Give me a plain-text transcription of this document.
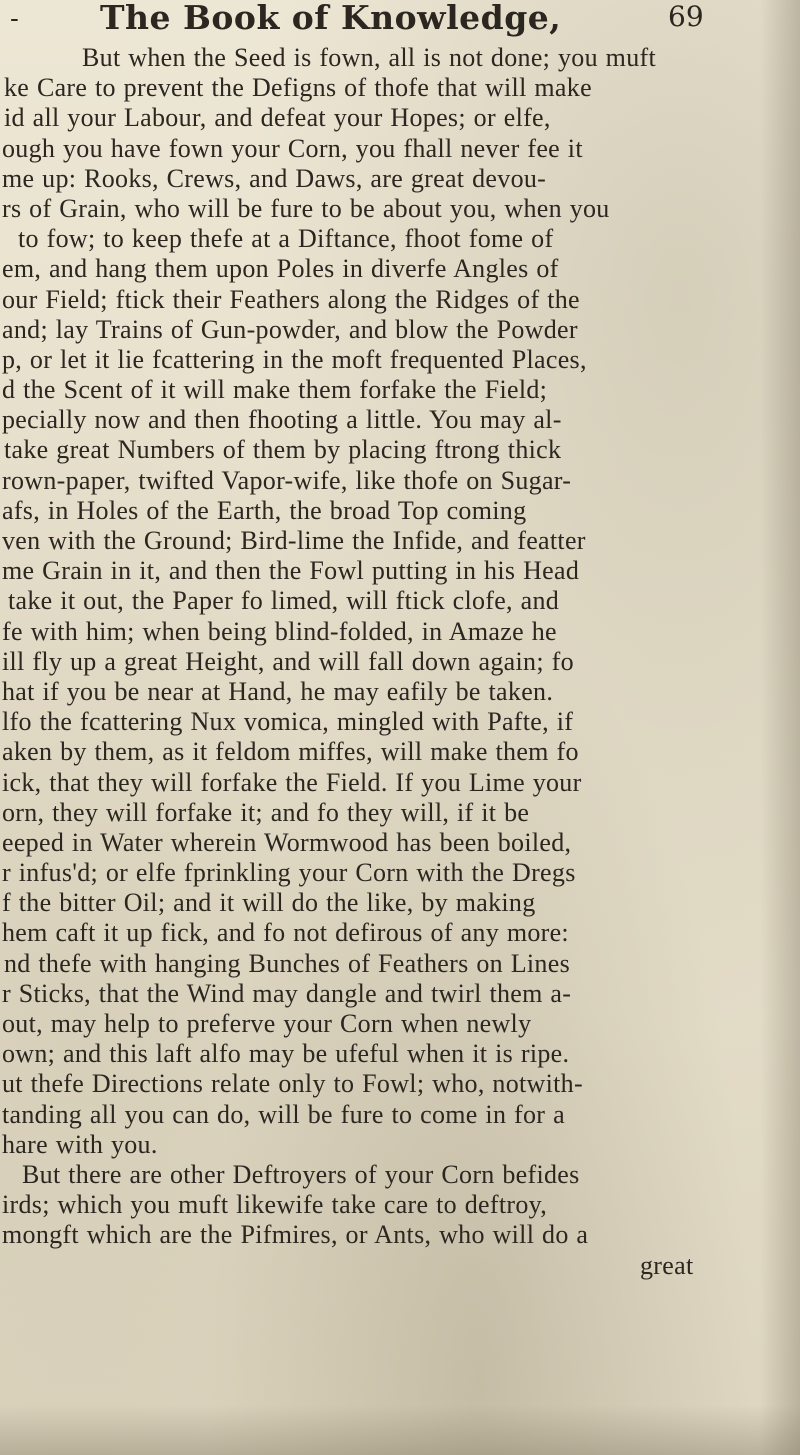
- The Book of Knowledge,	69
But when the Seed is fown, all is not done; you muft
ke Care to prevent the Defigns of thofe that will make
id all your Labour, and defeat your Hopes; or elfe,
ough you have fown your Corn, you fhall never fee it
me up: Rooks, Crews, and Daws, are great devou-
rs of Grain, who will be fure to be about you, when you
to fow; to keep thefe at a Diftance, fhoot fome of
em, and hang them upon Poles in diverfe Angles of
our Field; ftick their Feathers along the Ridges of the
and; lay Trains of Gun-powder, and blow the Powder
p, or let it lie fcattering in the moft frequented Places,
d the Scent of it will make them forfake the Field;
pecially now and then fhooting a little. You may al-
take great Numbers of them by placing ftrong thick
rown-paper, twifted Vapor-wife, like thofe on Sugar-
afs, in Holes of the Earth, the broad Top coming
ven with the Ground; Bird-lime the Infide, and featter
me Grain in it, and then the Fowl putting in his Head
take it out, the Paper fo limed, will ftick clofe, and
fe with him; when being blind-folded, in Amaze he
ill fly up a great Height, and will fall down again; fo
hat if you be near at Hand, he may eafily be taken.
lfo the fcattering Nux vomica, mingled with Pafte, if
aken by them, as it feldom miffes, will make them fo
ick, that they will forfake the Field. If you Lime your
orn, they will forfake it; and fo they will, if it be
eeped in Water wherein Wormwood has been boiled,
r infus'd; or elfe fprinkling your Corn with the Dregs
f the bitter Oil; and it will do the like, by making
hem caft it up fick, and fo not defirous of any more:
nd thefe with hanging Bunches of Feathers on Lines
r Sticks, that the Wind may dangle and twirl them a-
out, may help to preferve your Corn when newly
own; and this laft alfo may be ufeful when it is ripe.
ut thefe Directions relate only to Fowl; who, notwith-
tanding all you can do, will be fure to come in for a
hare with you.
But there are other Deftroyers of your Corn befides
irds; which you muft likewife take care to deftroy,
mongft which are the Pifmires, or Ants, who will do a
great
